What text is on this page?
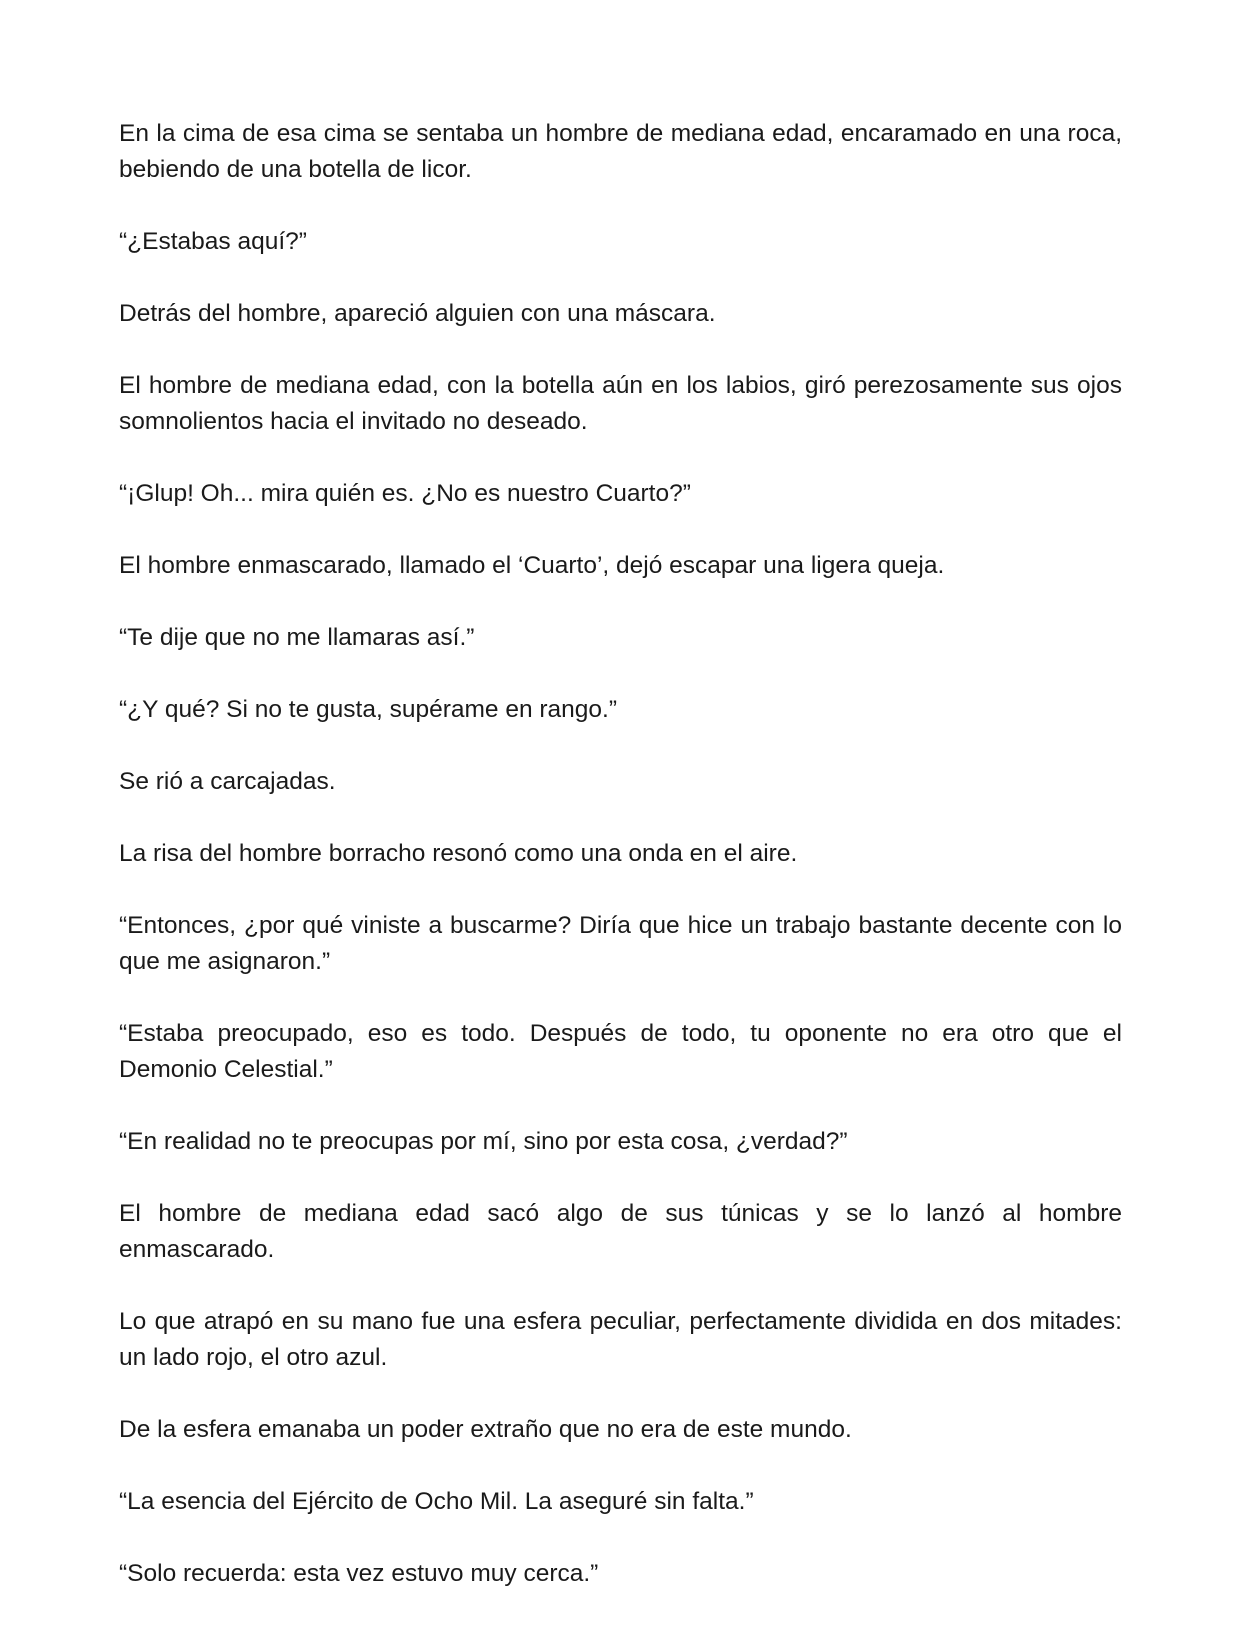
En la cima de esa cima se sentaba un hombre de mediana edad, encaramado en una roca, bebiendo de una botella de licor.

“¿Estabas aquí?”

Detrás del hombre, apareció alguien con una máscara.

El hombre de mediana edad, con la botella aún en los labios, giró perezosamente sus ojos somnolientos hacia el invitado no deseado.

“¡Glup! Oh... mira quién es. ¿No es nuestro Cuarto?”

El hombre enmascarado, llamado el ‘Cuarto’, dejó escapar una ligera queja.

“Te dije que no me llamaras así.”

“¿Y qué? Si no te gusta, supérame en rango.”

Se rió a carcajadas.

La risa del hombre borracho resonó como una onda en el aire.

“Entonces, ¿por qué viniste a buscarme? Diría que hice un trabajo bastante decente con lo que me asignaron.”

“Estaba preocupado, eso es todo. Después de todo, tu oponente no era otro que el Demonio Celestial.”

“En realidad no te preocupas por mí, sino por esta cosa, ¿verdad?”

El hombre de mediana edad sacó algo de sus túnicas y se lo lanzó al hombre enmascarado.

Lo que atrapó en su mano fue una esfera peculiar, perfectamente dividida en dos mitades: un lado rojo, el otro azul.

De la esfera emanaba un poder extraño que no era de este mundo.

“La esencia del Ejército de Ocho Mil. La aseguré sin falta.”

“Solo recuerda: esta vez estuvo muy cerca.”
